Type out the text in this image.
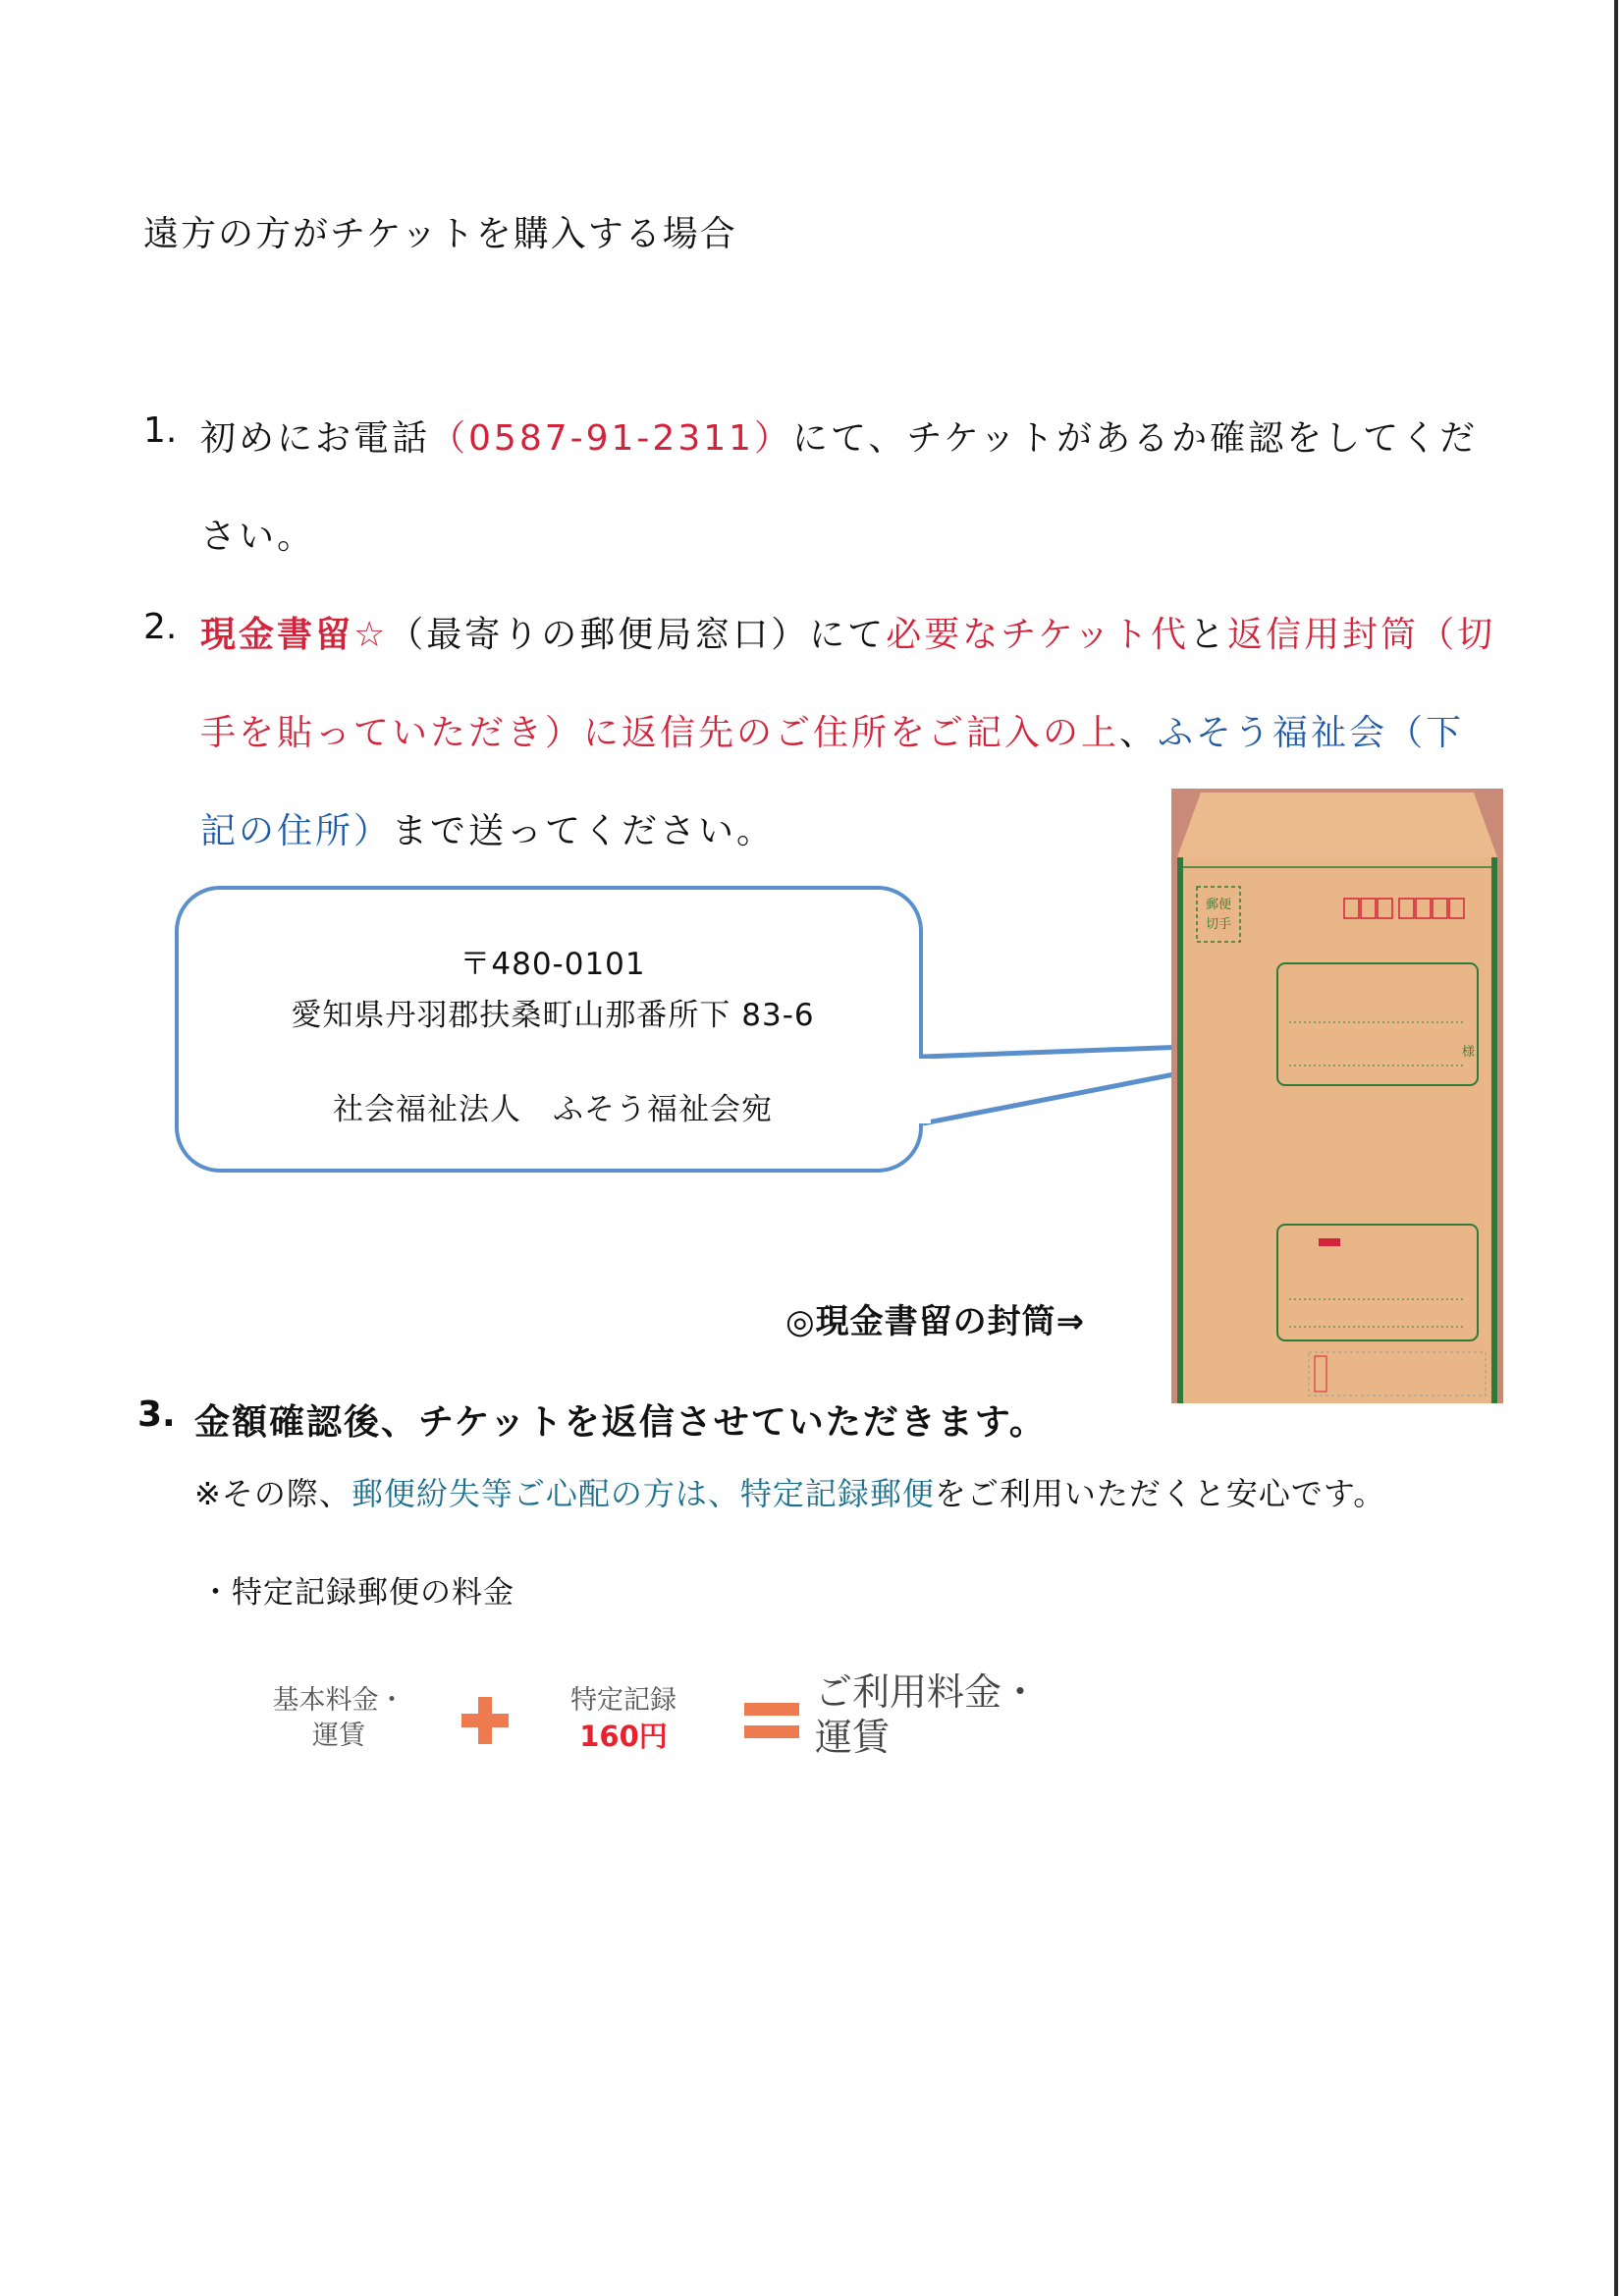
遠方の方がチケットを購入する場合
1. 初めにお電話（0587-91-2311）にて、チケットがあるか確認をしてくだ
さい。
2. 現金書留☆（最寄りの郵便局窓口）にて必要なチケット代と返信用封筒（切
手を貼っていただき）に返信先のご住所をご記入の上、ふそう福祉会（下
記の住所）まで送ってください。
〒480-0101
愛知県丹羽郡扶桑町山那番所下 83-6
社会福祉法人　ふそう福祉会宛
郵便
切手
様
◎現金書留の封筒⇒
3. 金額確認後、チケットを返信させていただきます。
※その際、郵便紛失等ご心配の方は、特定記録郵便をご利用いただくと安心です。
・特定記録郵便の料金
基本料金・
運賃
特定記録
160円
ご利用料金・
運賃
